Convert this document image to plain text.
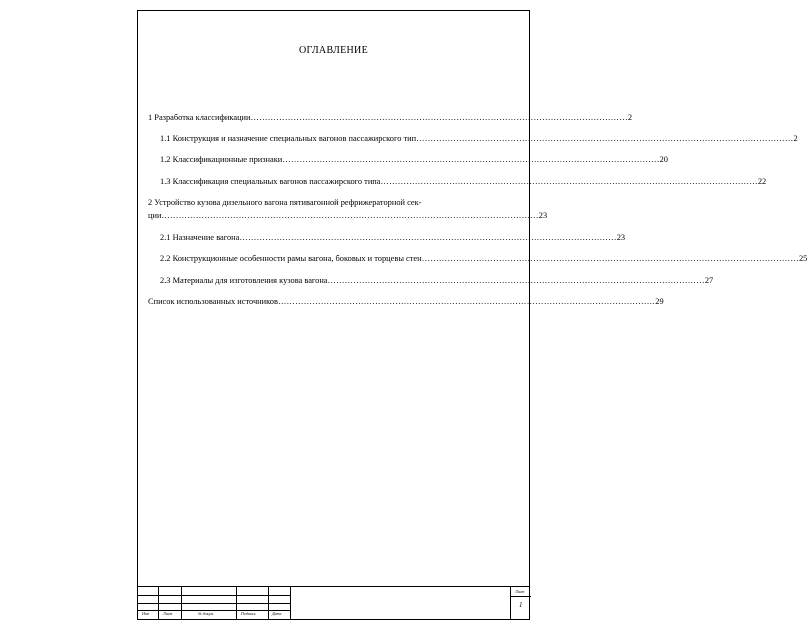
ОГЛАВЛЕНИЕ
1 Разработка классификации …………………………………………………………………………………………………………………… 2
1.1 Конструкция и назначение специальных вагонов пассажирского тип …………………………………………………………………………………………………………………… 2
1.2 Классификационные признаки …………………………………………………………………………………………………………………… 20
1.3 Классификация специальных вагонов пассажирского типа …………………………………………………………………………………………………………………… 22
2 Устройство кузова дизельного вагона пятивагонной рефрижераторной сек-
ции …………………………………………………………………………………………………………………… 23
2.1 Назначение вагона …………………………………………………………………………………………………………………… 23
2.2 Конструкционные особенности рамы вагона, боковых и торцевы стен …………………………………………………………………………………………………………………… 25
2.3 Материалы для изготовления кузова вагона …………………………………………………………………………………………………………………… 27
Список использованных источников …………………………………………………………………………………………………………………… 29
Изм	Лист	№ докум.	Подпись	Дата
Лист
1
